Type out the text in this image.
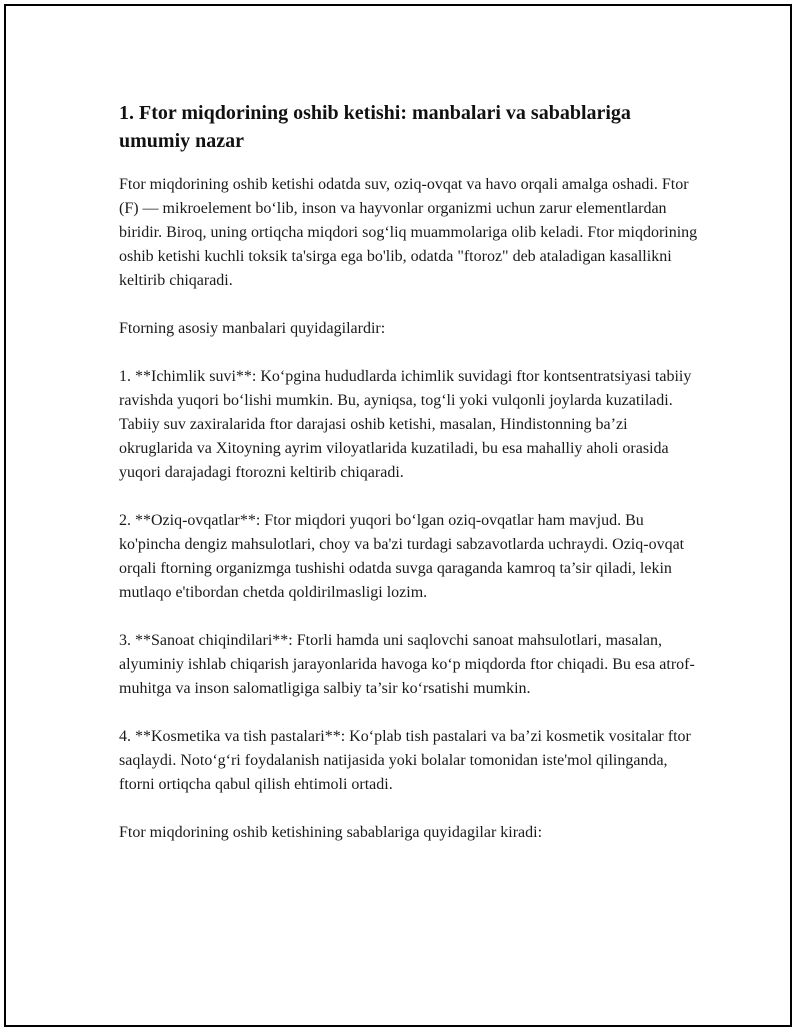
1. Ftor miqdorining oshib ketishi: manbalari va sabablariga umumiy nazar

Ftor miqdorining oshib ketishi odatda suv, oziq-ovqat va havo orqali amalga oshadi. Ftor (F) — mikroelement bo‘lib, inson va hayvonlar organizmi uchun zarur elementlardan biridir. Biroq, uning ortiqcha miqdori sog‘liq muammolariga olib keladi. Ftor miqdorining oshib ketishi kuchli toksik ta'sirga ega bo'lib, odatda "ftoroz" deb ataladigan kasallikni keltirib chiqaradi.

Ftorning asosiy manbalari quyidagilardir:

1. **Ichimlik suvi**: Ko‘pgina hududlarda ichimlik suvidagi ftor kontsentratsiyasi tabiiy ravishda yuqori bo‘lishi mumkin. Bu, ayniqsa, tog‘li yoki vulqonli joylarda kuzatiladi. Tabiiy suv zaxiralarida ftor darajasi oshib ketishi, masalan, Hindistonning ba’zi okruglarida va Xitoyning ayrim viloyatlarida kuzatiladi, bu esa mahalliy aholi orasida yuqori darajadagi ftorozni keltirib chiqaradi.

2. **Oziq-ovqatlar**: Ftor miqdori yuqori bo‘lgan oziq-ovqatlar ham mavjud. Bu ko'pincha dengiz mahsulotlari, choy va ba'zi turdagi sabzavotlarda uchraydi. Oziq-ovqat orqali ftorning organizmga tushishi odatda suvga qaraganda kamroq ta’sir qiladi, lekin mutlaqo e'tibordan chetda qoldirilmasligi lozim.

3. **Sanoat chiqindilari**: Ftorli hamda uni saqlovchi sanoat mahsulotlari, masalan, alyuminiy ishlab chiqarish jarayonlarida havoga ko‘p miqdorda ftor chiqadi. Bu esa atrof-muhitga va inson salomatligiga salbiy ta’sir ko‘rsatishi mumkin.

4. **Kosmetika va tish pastalari**: Ko‘plab tish pastalari va ba’zi kosmetik vositalar ftor saqlaydi. Noto‘g‘ri foydalanish natijasida yoki bolalar tomonidan iste'mol qilinganda, ftorni ortiqcha qabul qilish ehtimoli ortadi.

Ftor miqdorining oshib ketishining sabablariga quyidagilar kiradi:
